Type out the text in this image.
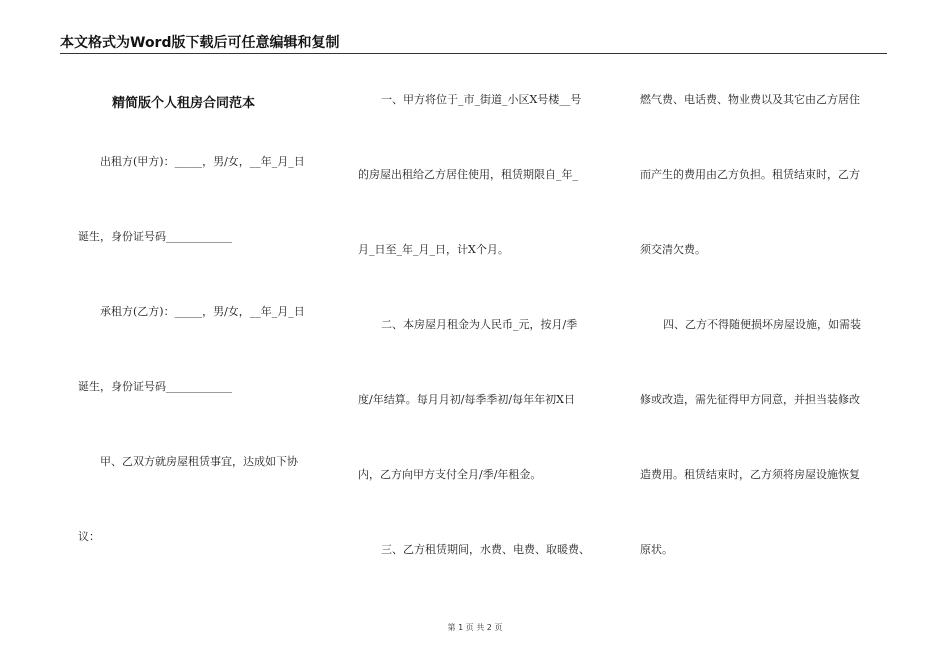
本文格式为Word版下载后可任意编辑和复制
精简版个人租房合同范本
出租方(甲方)：_____，男/女，__年_月_日
诞生，身份证号码____________
承租方(乙方)：_____，男/女，__年_月_日
诞生，身份证号码____________
甲、乙双方就房屋租赁事宜，达成如下协
议：
一、甲方将位于_市_街道_小区X号楼__号
的房屋出租给乙方居住使用，租赁期限自_年_
月_日至_年_月_日，计X个月。
二、本房屋月租金为人民币_元，按月/季
度/年结算。每月月初/每季季初/每年年初X日
内，乙方向甲方支付全月/季/年租金。
三、乙方租赁期间，水费、电费、取暖费、
燃气费、电话费、物业费以及其它由乙方居住
而产生的费用由乙方负担。租赁结束时，乙方
须交清欠费。
四、乙方不得随便损坏房屋设施，如需装
修或改造，需先征得甲方同意，并担当装修改
造费用。租赁结束时，乙方须将房屋设施恢复
原状。
第 1 页 共 2 页
